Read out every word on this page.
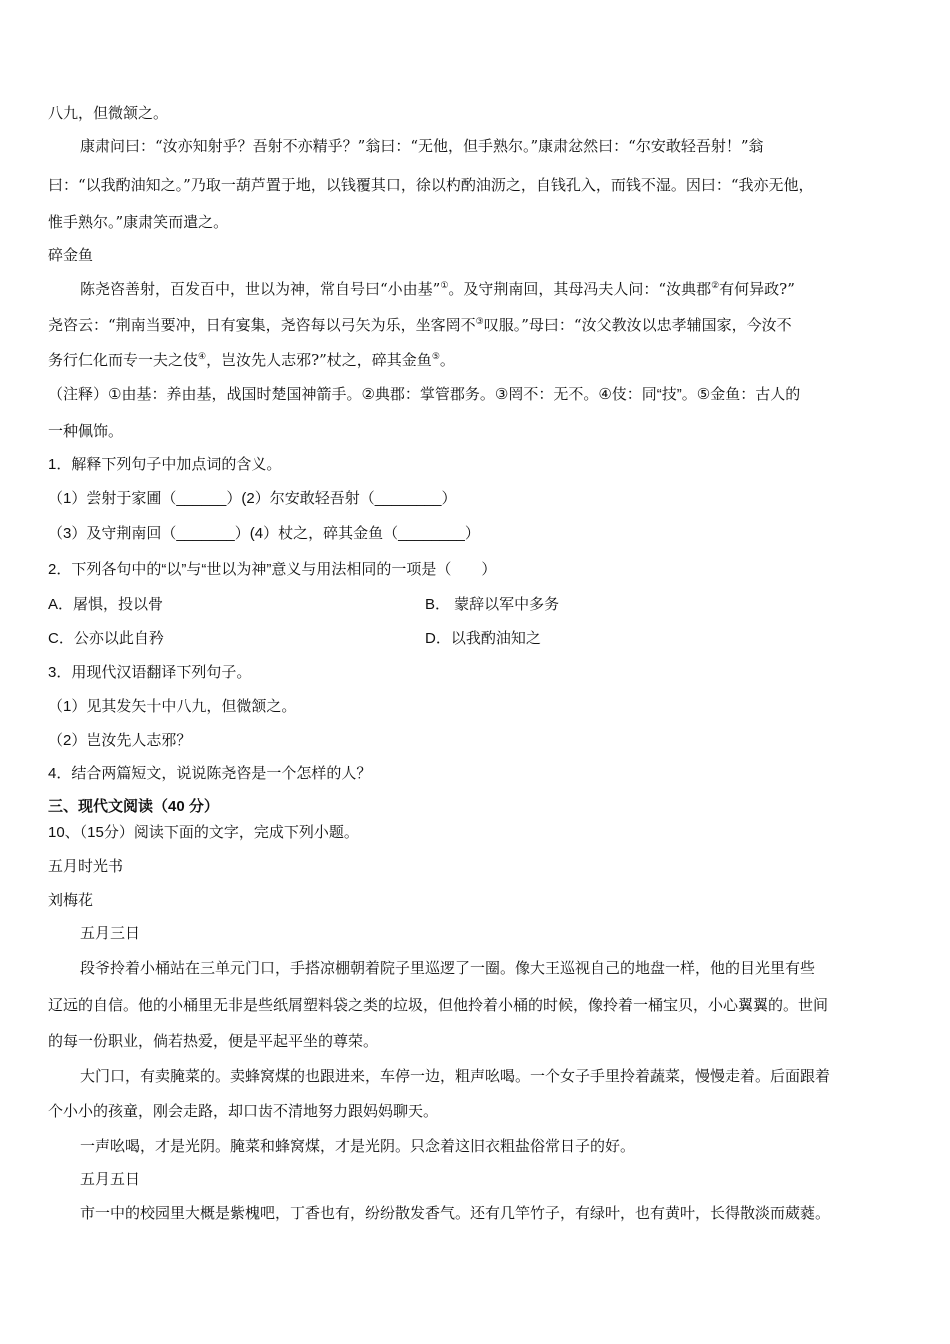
八九，但微颔之。
康肃问曰：“汝亦知射乎？吾射不亦精乎？”翁曰：“无他，但手熟尔。”康肃忿然曰：“尔安敢轻吾射！”翁
曰：“以我酌油知之。”乃取一葫芦置于地，以钱覆其口，徐以杓酌油沥之，自钱孔入，而钱不湿。因曰：“我亦无他，
惟手熟尔。”康肃笑而遣之。
碎金鱼
陈尧咨善射，百发百中，世以为神，常自号曰“小由基”①。及守荆南回，其母冯夫人问：“汝典郡②有何异政?”
尧咨云：“荆南当要冲，日有宴集，尧咨每以弓矢为乐，坐客罔不③叹服。”母曰：“汝父教汝以忠孝辅国家，今汝不
务行仁化而专一夫之伎④，岂汝先人志邪?”杖之，碎其金鱼⑤。
（注释）①由基：养由基，战国时楚国神箭手。②典郡：掌管郡务。③罔不：无不。④伎：同“技”。⑤金鱼：古人的
一种佩饰。
1．解释下列句子中加点词的含义。
（1）尝射于家圃（______）(2）尔安敢轻吾射（________）
（3）及守荆南回（_______）(4）杖之，碎其金鱼（________）
2．下列各句中的“以”与“世以为神”意义与用法相同的一项是（　　）
A．屠惧，投以骨	B． 蒙辞以军中多务
C．公亦以此自矜	D．以我酌油知之
3．用现代汉语翻译下列句子。
（1）见其发矢十中八九，但微颔之。
（2）岂汝先人志邪？
4．结合两篇短文，说说陈尧咨是一个怎样的人？
三、现代文阅读（40 分）
10、（15分）阅读下面的文字，完成下列小题。
五月时光书
刘梅花
五月三日
段爷拎着小桶站在三单元门口，手搭凉棚朝着院子里巡逻了一圈。像大王巡视自己的地盘一样，他的目光里有些
辽远的自信。他的小桶里无非是些纸屑塑料袋之类的垃圾，但他拎着小桶的时候，像拎着一桶宝贝，小心翼翼的。世间
的每一份职业，倘若热爱，便是平起平坐的尊荣。
大门口，有卖腌菜的。卖蜂窝煤的也跟进来，车停一边，粗声吆喝。一个女子手里拎着蔬菜，慢慢走着。后面跟着
个小小的孩童，刚会走路，却口齿不清地努力跟妈妈聊天。
一声吆喝，才是光阴。腌菜和蜂窝煤，才是光阴。只念着这旧衣粗盐俗常日子的好。
五月五日
市一中的校园里大概是紫槐吧，丁香也有，纷纷散发香气。还有几竿竹子，有绿叶，也有黄叶，长得散淡而葳蕤。
